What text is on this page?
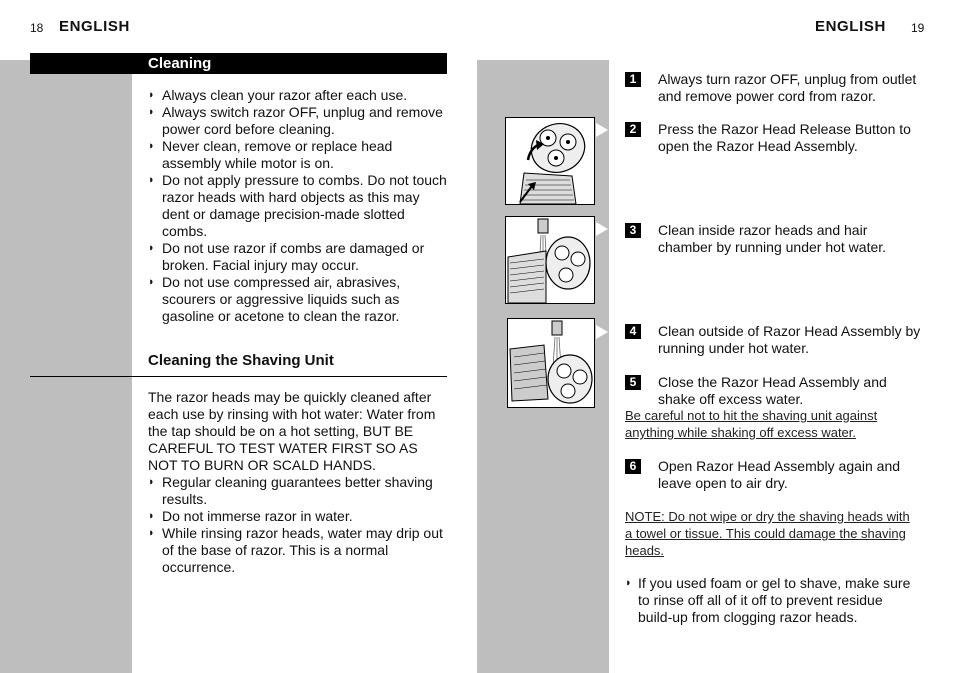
18 ENGLISH
Cleaning
◗ Always clean your razor after each use.
◗ Always switch razor OFF, unplug and remove power cord before cleaning.
◗ Never clean, remove or replace head assembly while motor is on.
◗ Do not apply pressure to combs. Do not touch razor heads with hard objects as this may dent or damage precision-made slotted combs.
◗ Do not use razor if combs are damaged or broken. Facial injury may occur.
◗ Do not use compressed air, abrasives, scourers or aggressive liquids such as gasoline or acetone to clean the razor.
Cleaning the Shaving Unit
The razor heads may be quickly cleaned after each use by rinsing with hot water: Water from the tap should be on a hot setting, BUT BE CAREFUL TO TEST WATER FIRST SO AS NOT TO BURN OR SCALD HANDS.
◗ Regular cleaning guarantees better shaving results.
◗ Do not immerse razor in water.
◗ While rinsing razor heads, water may drip out of the base of razor. This is a normal occurrence.
ENGLISH 19
1	Always turn razor OFF, unplug from outlet and remove power cord from razor.
2	Press the Razor Head Release Button to open the Razor Head Assembly.
3	Clean inside razor heads and hair chamber by running under hot water.
4	Clean outside of Razor Head Assembly by running under hot water.
5	Close the Razor Head Assembly and shake off excess water.
Be careful not to hit the shaving unit against anything while shaking off excess water.
6	Open Razor Head Assembly again and leave open to air dry.
NOTE: Do not wipe or dry the shaving heads with a towel or tissue. This could damage the shaving heads.
◗ If you used foam or gel to shave, make sure to rinse off all of it off to prevent residue build-up from clogging razor heads.
